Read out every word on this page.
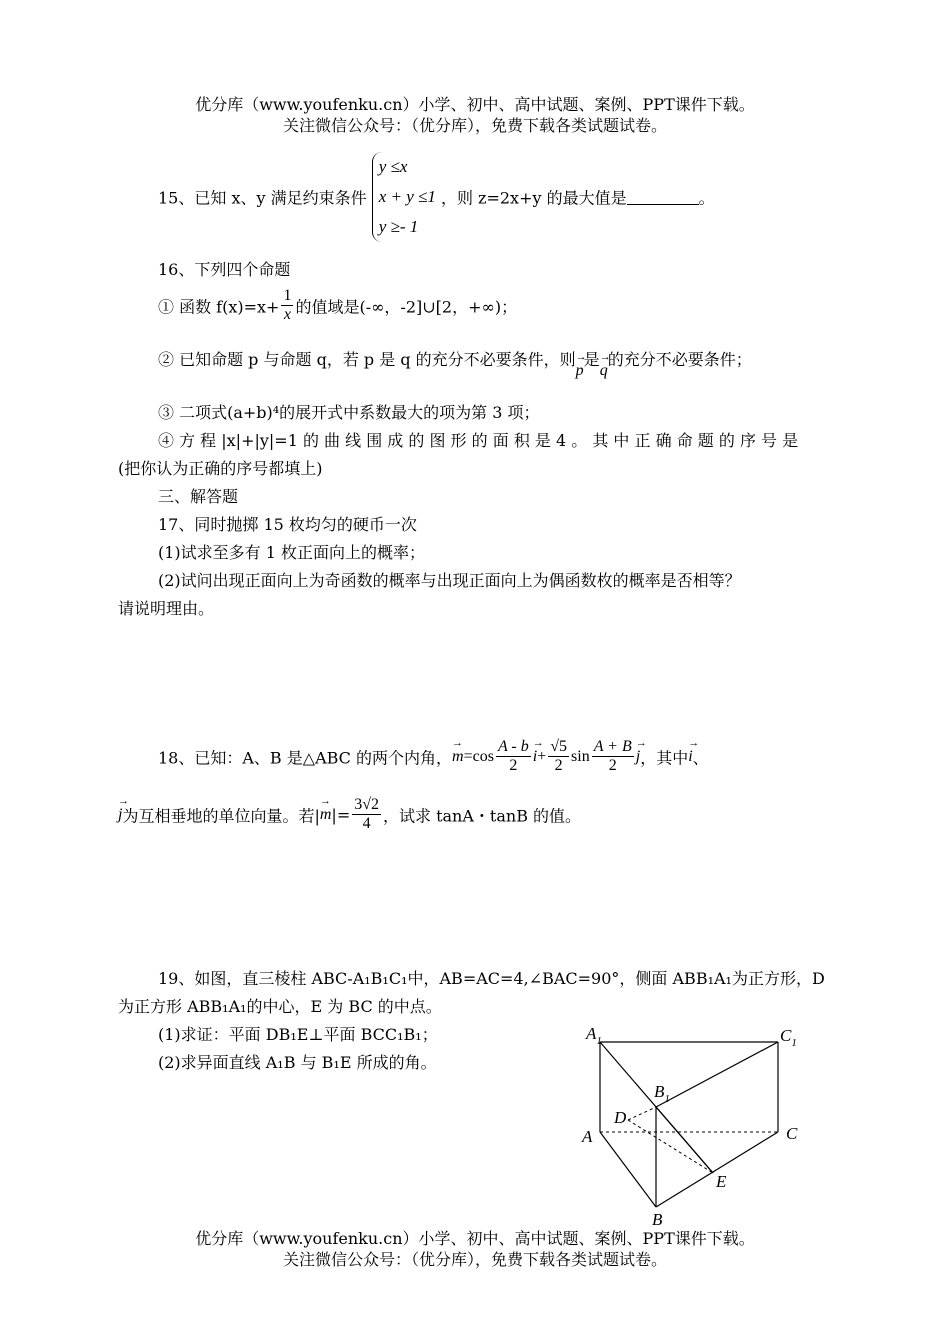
优分库（www.youfenku.cn）小学、初中、高中试题、案例、PPT课件下载。
关注微信公众号：（优分库），免费下载各类试题试卷。
15、已知 x、y 满足约束条件
y ≤x
x + y ≤1
y ≥- 1
，则 z=2x+y 的最大值是	。
16、下列四个命题
① 函数 $f(x)=x+ \frac{1}{x}$ 的值域是(-∞，-2]∪[2，+∞)；
② 已知命题 p 与命题 q，若 p 是 q 的充分不必要条件，则→ p是→ q的充分不必要条件；
③ 二项式(a+b)⁴的展开式中系数最大的项为第 3 项；
④ 方 程 |x|+|y|=1 的 曲 线 围 成 的 图 形 的 面 积 是 4 。 其 中 正 确 命 题 的 序 号 是
(把你认为正确的序号都填上)
三、解答题
17、同时抛掷 15 枚均匀的硬币一次
(1)试求至多有 1 枚正面向上的概率；
(2)试问出现正面向上为奇函数的概率与出现正面向上为偶函数枚的概率是否相等？
请说明理由。
18、已知：A、B 是△ABC 的两个内角，→ $m=\cos \frac{A - b}{2}$
→ $i+ \frac{√5}{2}$ $\sin \frac{A + B}{2}$
→ j，其中→ i、
→ j为互相垂地的单位向量。若|→ $m|= \frac{3√2}{4}$ ，试求 tanA・tanB 的值。
19、如图，直三棱柱 ABC-A₁B₁C₁中，AB=AC=4,∠BAC=90°，侧面 ABB₁A₁为正方形，D
为正方形 ABB₁A₁的中心，E 为 BC 的中点。
(1)求证：平面 DB₁E⊥平面 BCC₁B₁；
(2)求异面直线 A₁B 与 B₁E 所成的角。
$A_1$	$C_1$
$B_1$
D
A	C
E
B
优分库（www.youfenku.cn）小学、初中、高中试题、案例、PPT课件下载。
关注微信公众号：（优分库），免费下载各类试题试卷。
